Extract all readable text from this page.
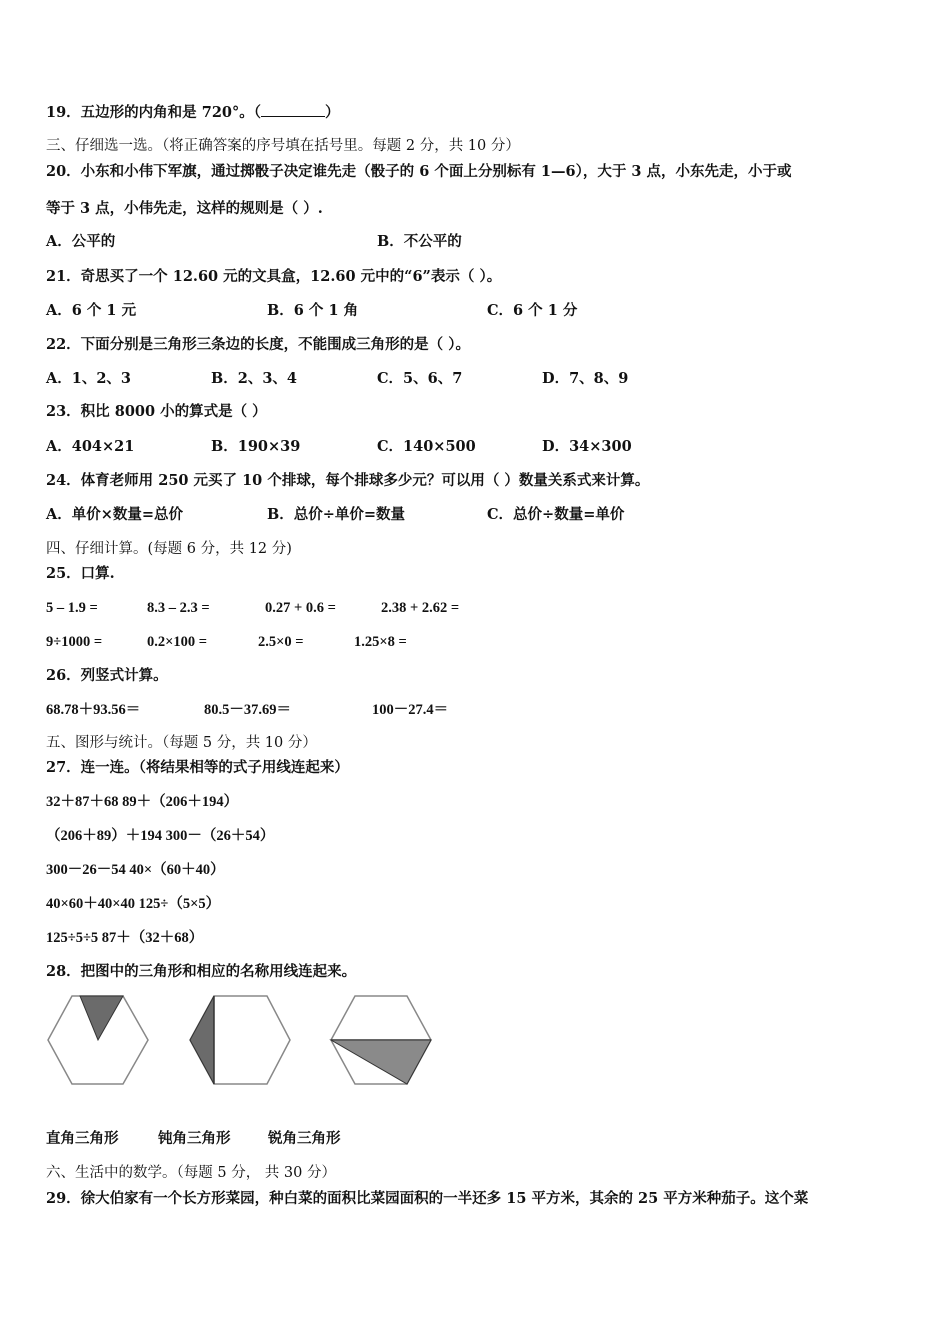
19．五边形的内角和是 720°。（	）
三、仔细选一选。（将正确答案的序号填在括号里。每题 2 分，共 10 分）
20．小东和小伟下军旗，通过掷骰子决定谁先走（骰子的 6 个面上分别标有 1—6），大于 3 点，小东先走，小于或
等于 3 点，小伟先走，这样的规则是（ ）.
A．公平的	B．不公平的
21．奇思买了一个 12.60 元的文具盒，12.60 元中的“6”表示（ ）。
A．6 个 1 元	B．6 个 1 角	C．6 个 1 分
22．下面分别是三角形三条边的长度，不能围成三角形的是（ ）。
A．1、2、3	B．2、3、4	C．5、6、7	D．7、8、9
23．积比 8000 小的算式是（ ）
A．404×21	B．190×39	C．140×500	D．34×300
24．体育老师用 250 元买了 10 个排球，每个排球多少元？可以用（ ）数量关系式来计算。
A．单价×数量=总价	B．总价÷单价=数量	C．总价÷数量=单价
四、仔细计算。(每题 6 分，共 12 分)
25．口算.
5 – 1.9 =	8.3 – 2.3 =	0.27 + 0.6 =	2.38 + 2.62 =
9÷1000 =	0.2×100 =	2.5×0 =	1.25×8 =
26．列竖式计算。
68.78＋93.56＝	80.5－37.69＝	100－27.4＝
五、图形与统计。（每题 5 分，共 10 分）
27．连一连。（将结果相等的式子用线连起来）
32＋87＋68 89＋（206＋194）
（206＋89）＋194 300－（26＋54）
300－26－54 40×（60＋40）
40×60＋40×40 125÷（5×5）
125÷5÷5 87＋（32＋68）
28．把图中的三角形和相应的名称用线连起来。
直角三角形	钝角三角形	锐角三角形
六、生活中的数学。（每题 5 分， 共 30 分）
29．徐大伯家有一个长方形菜园，种白菜的面积比菜园面积的一半还多 15 平方米，其余的 25 平方米种茄子。这个菜
